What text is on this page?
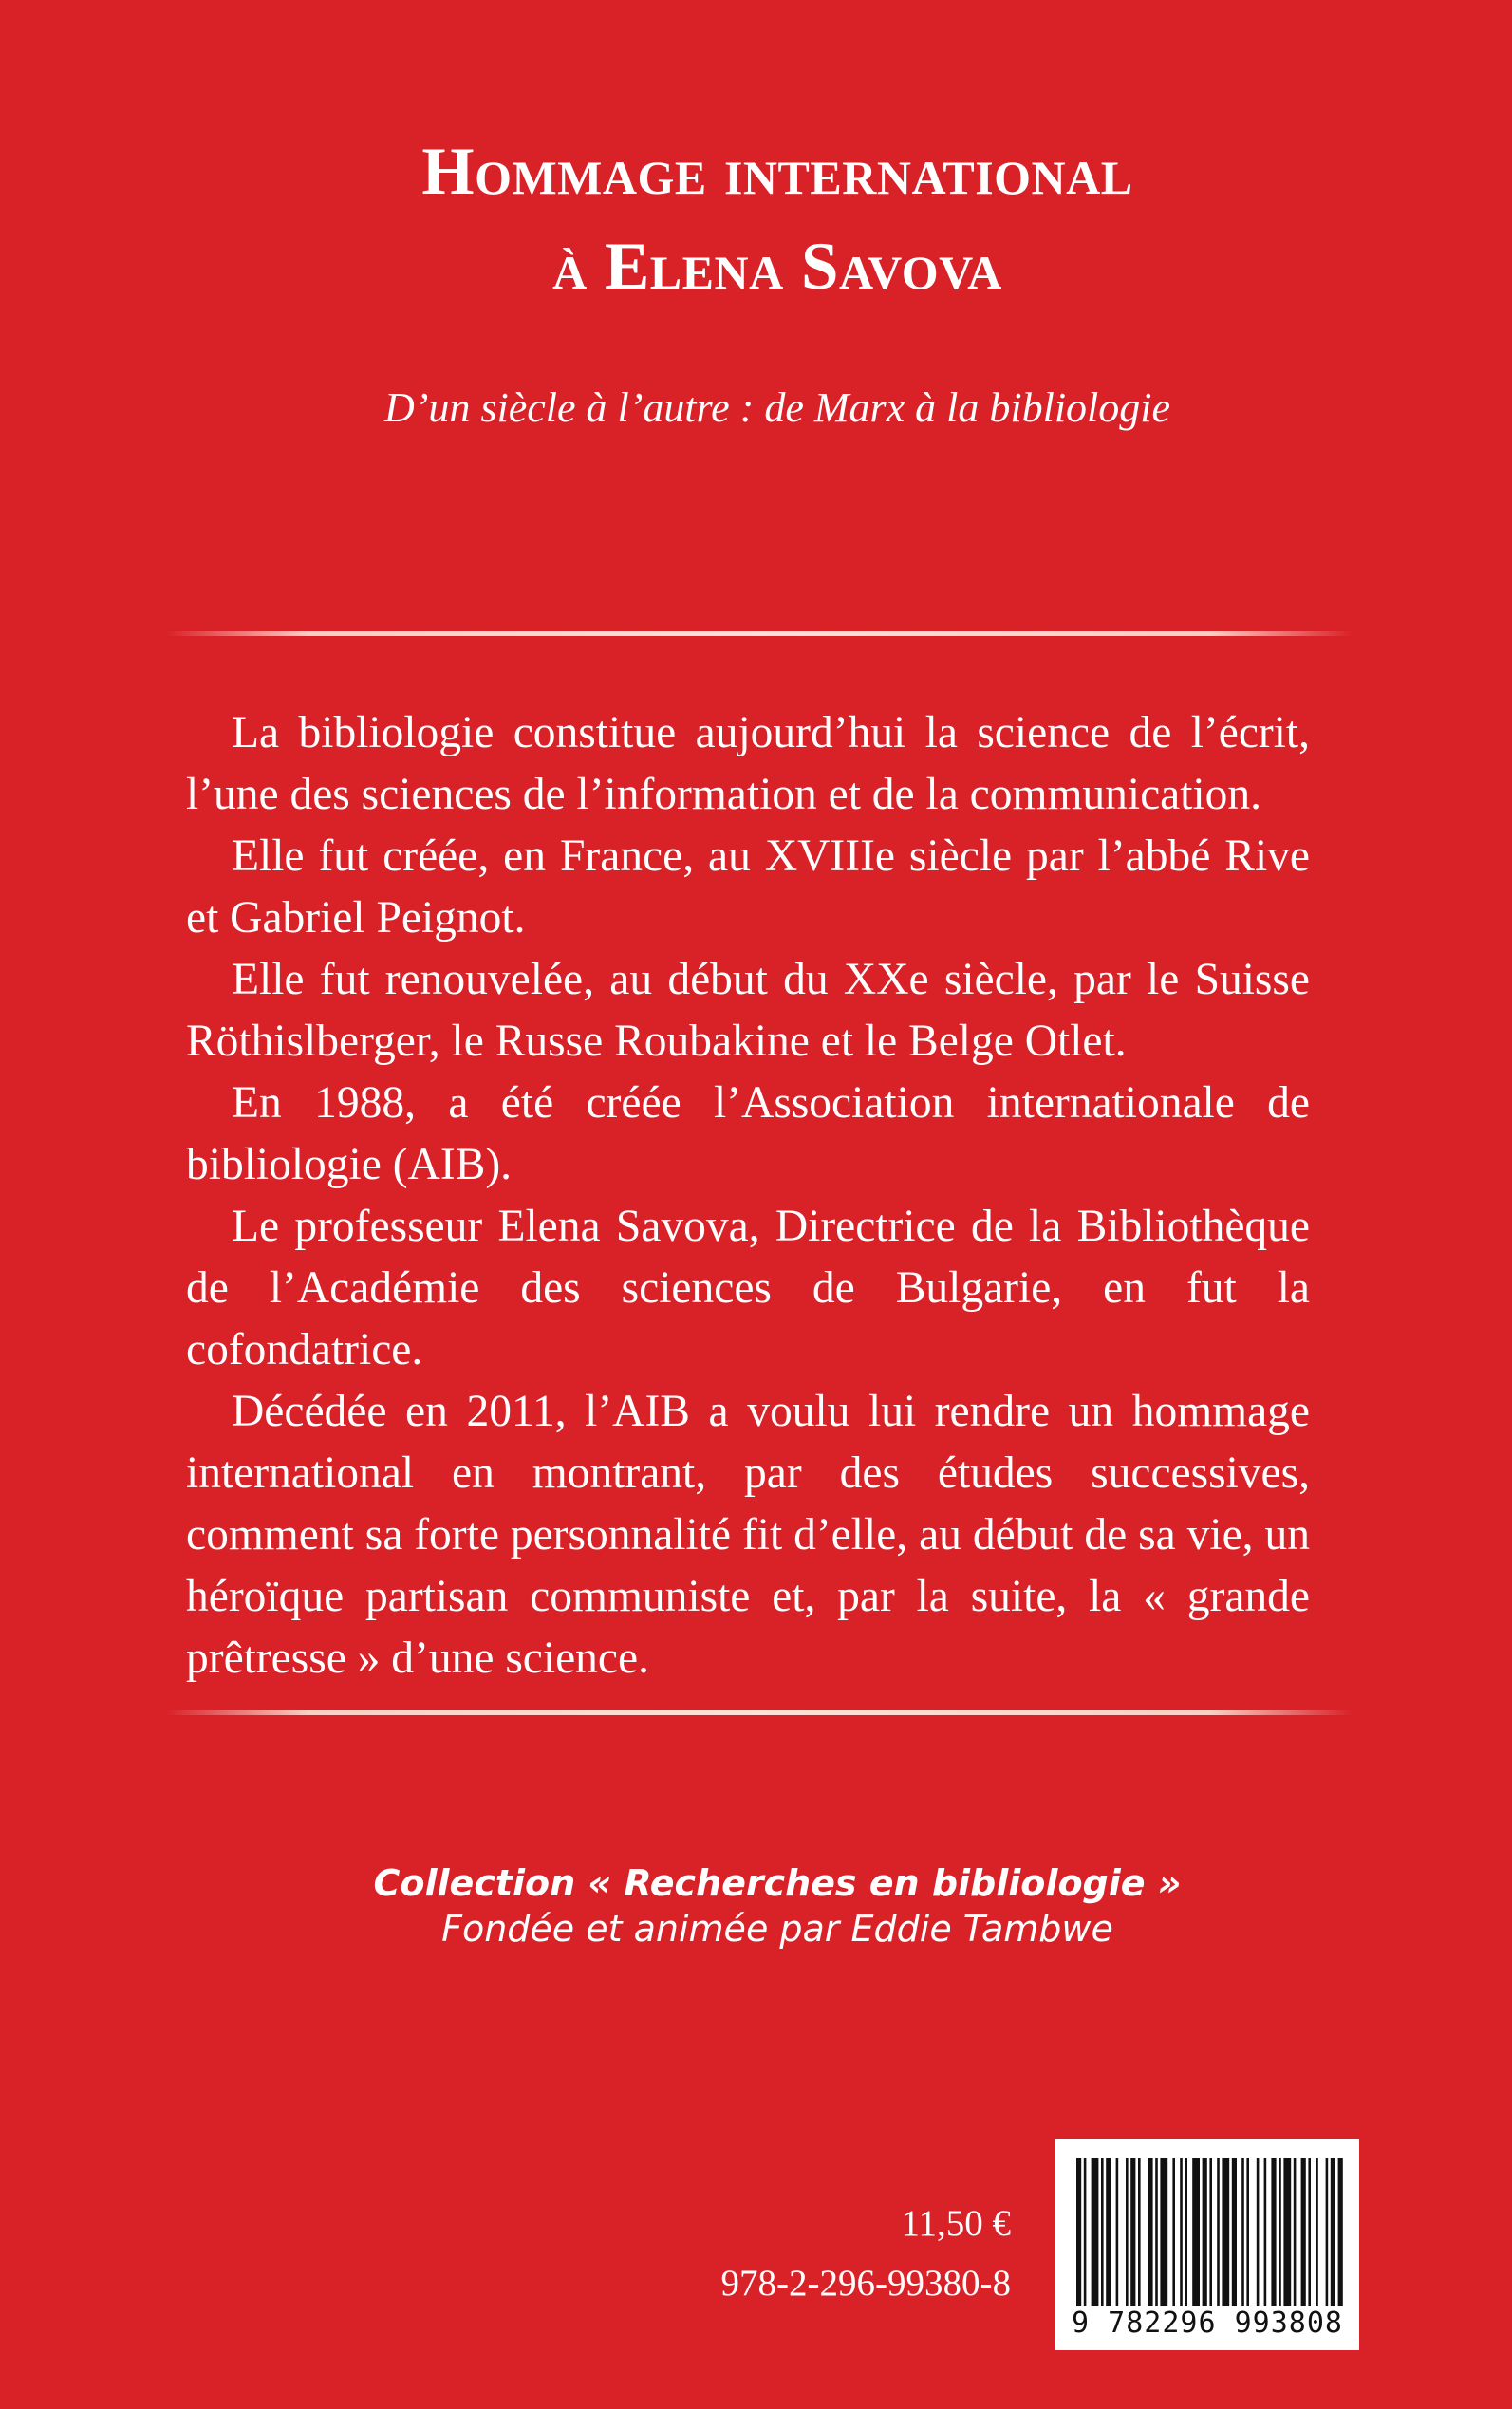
Hommage international
à Elena Savova

D’un siècle à l’autre : de Marx à la bibliologie

La bibliologie constitue aujourd’hui la science de l’écrit, l’une des sciences de l’information et de la communication.

Elle fut créée, en France, au XVIIIe siècle par l’abbé Rive et Gabriel Peignot.

Elle fut renouvelée, au début du XXe siècle, par le Suisse Röthislberger, le Russe Roubakine et le Belge Otlet.

En 1988, a été créée l’Association internationale de bibliologie (AIB).

Le professeur Elena Savova, Directrice de la Bibliothèque de l’Académie des sciences de Bulgarie, en fut la cofondatrice.

Décédée en 2011, l’AIB a voulu lui rendre un hommage international en montrant, par des études successives, comment sa forte personnalité fit d’elle, au début de sa vie, un héroïque partisan communiste et, par la suite, la « grande prêtresse » d’une science.

Collection « Recherches en bibliologie »
Fondée et animée par Eddie Tambwe
11,50 €
978-2-296-99380-8
9 782296 993808
